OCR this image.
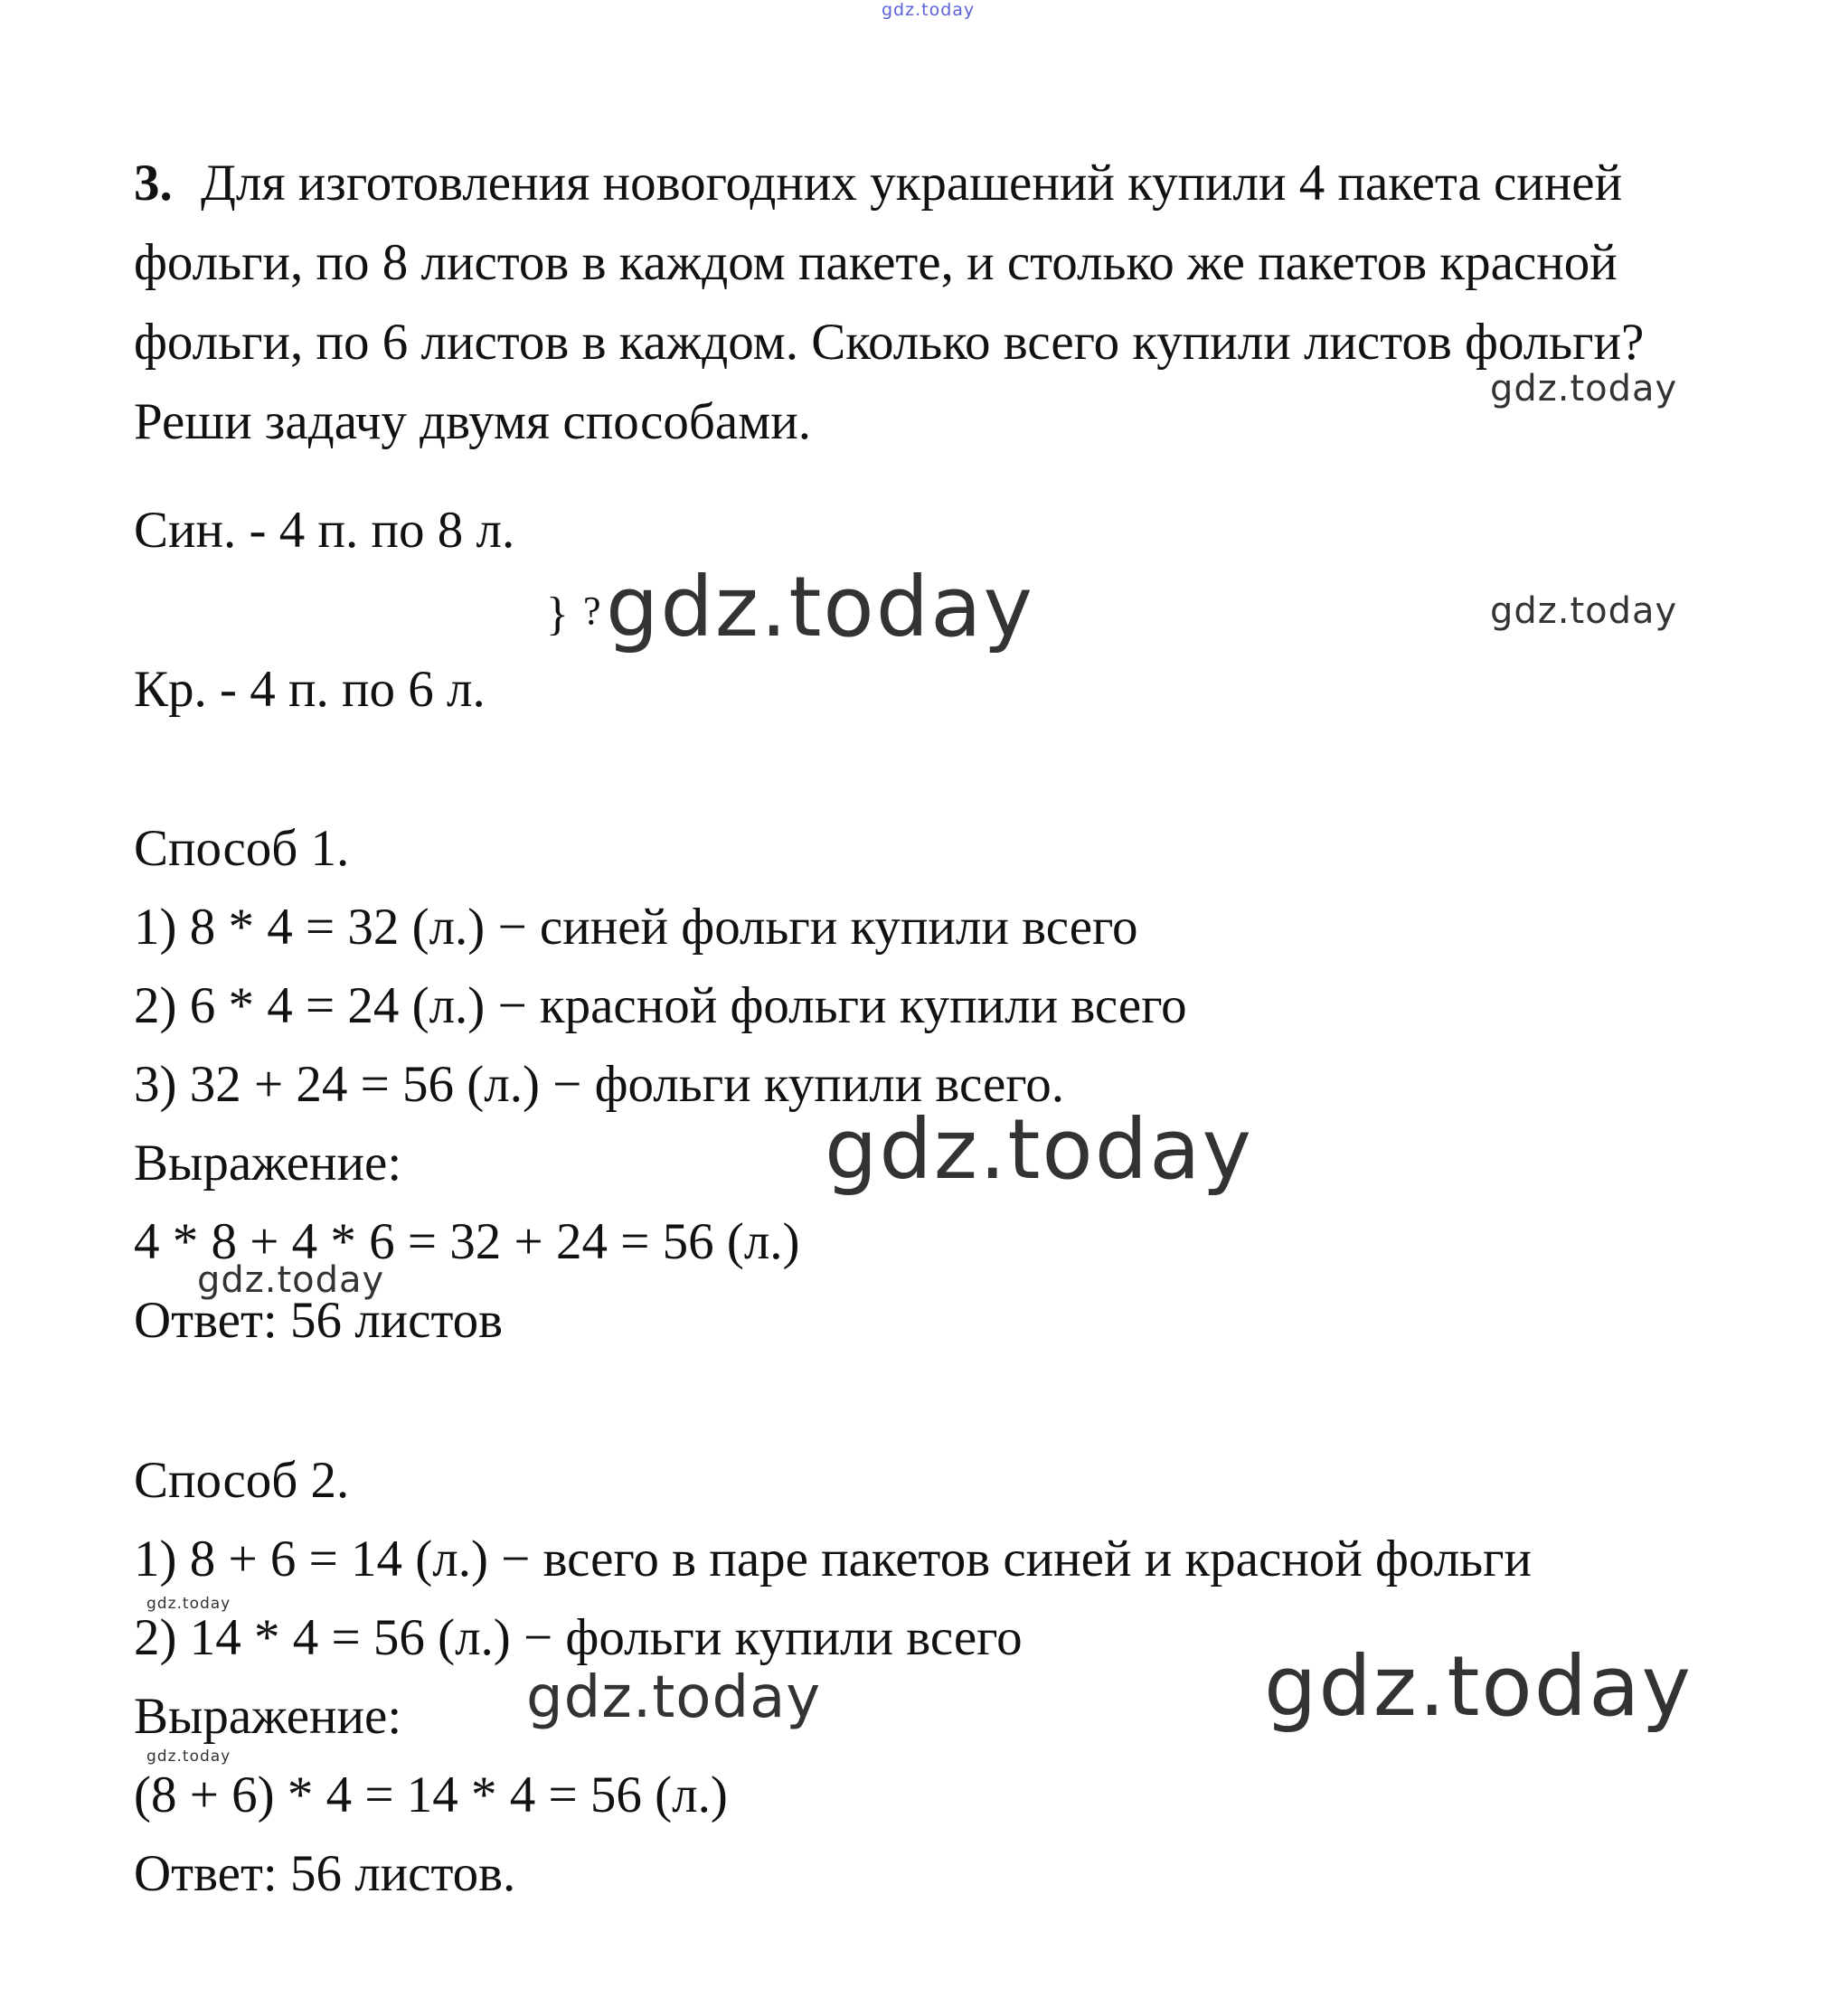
gdz.today
3. Для изготовления новогодних украшений купили 4 пакета синей
фольги, по 8 листов в каждом пакете, и столько же пакетов красной
фольги, по 6 листов в каждом. Сколько всего купили листов фольги?
gdz.today
Реши задачу двумя способами.
Син. - 4 п. по 8 л.
} ? gdz.today	gdz.today
Кр. - 4 п. по 6 л.
Способ 1.
1) 8 * 4 = 32 (л.) − синей фольги купили всего
2) 6 * 4 = 24 (л.) − красной фольги купили всего
3) 32 + 24 = 56 (л.) − фольги купили всего.
gdz.today
Выражение:
4 * 8 + 4 * 6 = 32 + 24 = 56 (л.)
gdz.today
Ответ: 56 листов
Способ 2.
1) 8 + 6 = 14 (л.) − всего в паре пакетов синей и красной фольги
gdz.today
2) 14 * 4 = 56 (л.) − фольги купили всего
gdz.today
gdz.today
Выражение:
gdz.today
(8 + 6) * 4 = 14 * 4 = 56 (л.)
Ответ: 56 листов.
